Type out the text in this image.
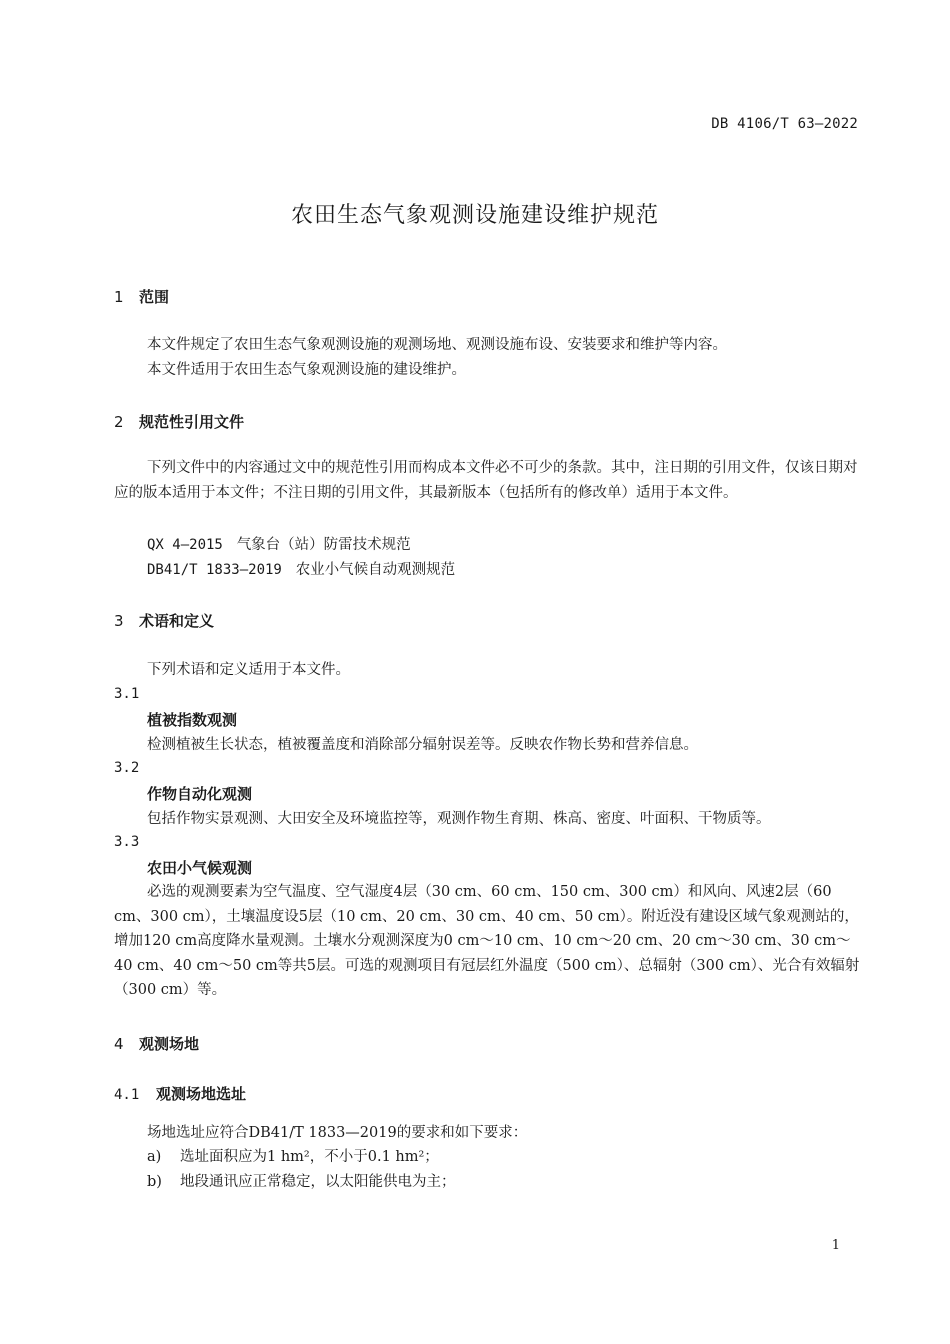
DB 4106/T 63—2022
农田生态气象观测设施建设维护规范
1 范围
本文件规定了农田生态气象观测设施的观测场地、观测设施布设、安装要求和维护等内容。
本文件适用于农田生态气象观测设施的建设维护。
2 规范性引用文件
下列文件中的内容通过文中的规范性引用而构成本文件必不可少的条款。其中，注日期的引用文件，仅该日期对应的版本适用于本文件；不注日期的引用文件，其最新版本（包括所有的修改单）适用于本文件。
QX 4—2015 气象台（站）防雷技术规范
DB41/T 1833—2019 农业小气候自动观测规范
3 术语和定义
下列术语和定义适用于本文件。
3.1
植被指数观测
检测植被生长状态，植被覆盖度和消除部分辐射误差等。反映农作物长势和营养信息。
3.2
作物自动化观测
包括作物实景观测、大田安全及环境监控等，观测作物生育期、株高、密度、叶面积、干物质等。
3.3
农田小气候观测
必选的观测要素为空气温度、空气湿度4层（30 cm、60 cm、150 cm、300 cm）和风向、风速2层（60 cm、300 cm），土壤温度设5层（10 cm、20 cm、30 cm、40 cm、50 cm）。附近没有建设区域气象观测站的，增加120 cm高度降水量观测。土壤水分观测深度为0 cm～10 cm、10 cm～20 cm、20 cm～30 cm、30 cm～40 cm、40 cm～50 cm等共5层。可选的观测项目有冠层红外温度（500 cm）、总辐射（300 cm）、光合有效辐射（300 cm）等。
4 观测场地
4.1 观测场地选址
场地选址应符合DB41/T 1833—2019的要求和如下要求：
a) 选址面积应为1 hm²，不小于0.1 hm²；
b) 地段通讯应正常稳定，以太阳能供电为主；
1
